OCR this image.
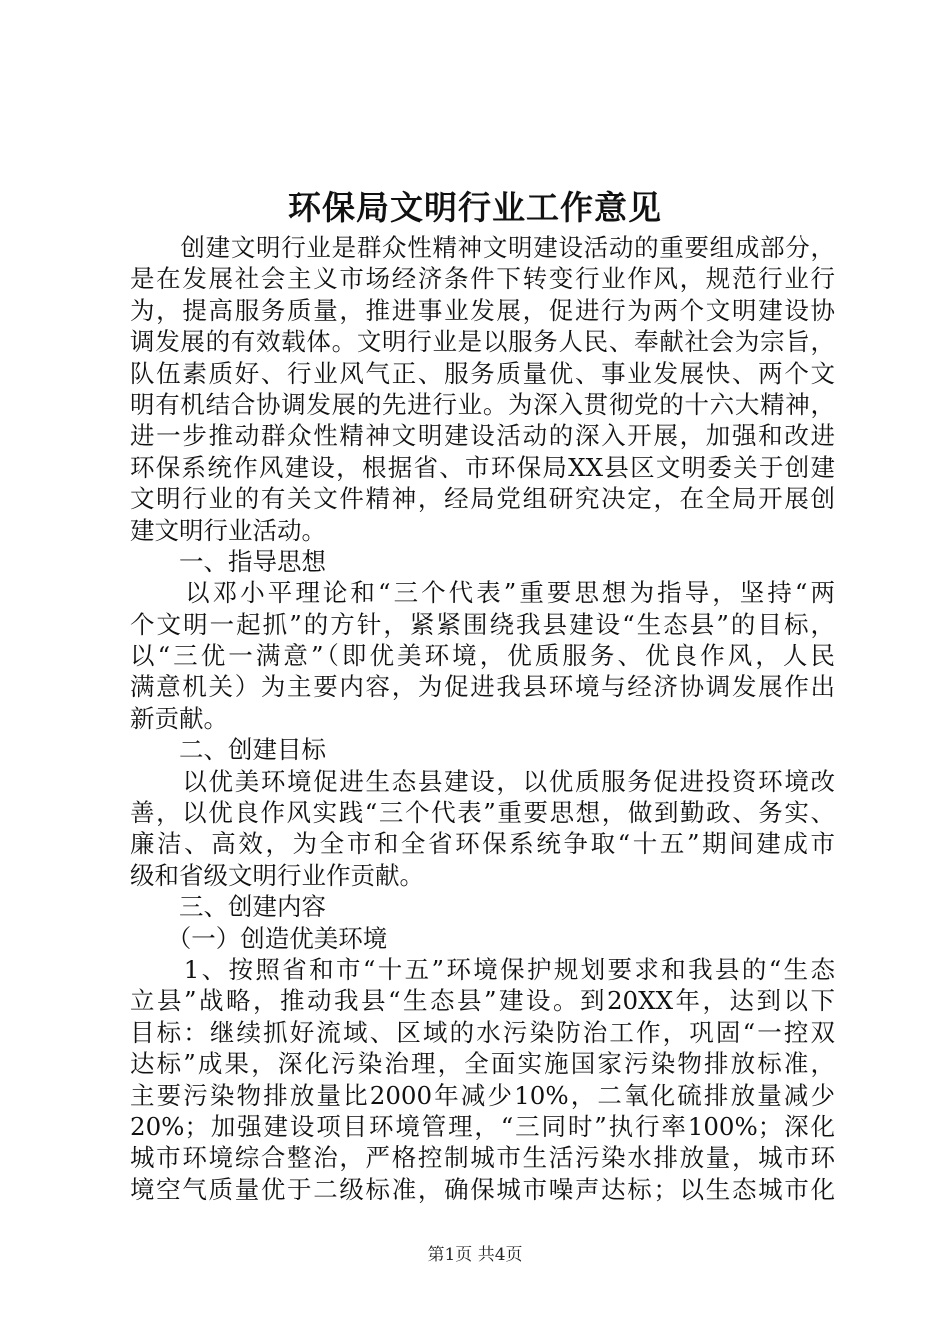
环保局文明行业工作意见
　　创建文明行业是群众性精神文明建设活动的重要组成部分，
是在发展社会主义市场经济条件下转变行业作风，规范行业行
为，提高服务质量，推进事业发展，促进行为两个文明建设协
调发展的有效载体。文明行业是以服务人民、奉献社会为宗旨，
队伍素质好、行业风气正、服务质量优、事业发展快、两个文
明有机结合协调发展的先进行业。为深入贯彻党的十六大精神，
进一步推动群众性精神文明建设活动的深入开展，加强和改进
环保系统作风建设，根据省、市环保局XX县区文明委关于创建
文明行业的有关文件精神，经局党组研究决定，在全局开展创
建文明行业活动。
　　一、指导思想
　　以邓小平理论和“三个代表”重要思想为指导，坚持“两
个文明一起抓”的方针，紧紧围绕我县建设“生态县”的目标，
以“三优一满意”（即优美环境，优质服务、优良作风，人民
满意机关）为主要内容，为促进我县环境与经济协调发展作出
新贡献。
　　二、创建目标
　　以优美环境促进生态县建设，以优质服务促进投资环境改
善，以优良作风实践“三个代表”重要思想，做到勤政、务实、
廉洁、高效，为全市和全省环保系统争取“十五”期间建成市
级和省级文明行业作贡献。
　　三、创建内容
　　（一）创造优美环境
　　1、按照省和市“十五”环境保护规划要求和我县的“生态
立县”战略，推动我县“生态县”建设。到20XX年，达到以下
目标：继续抓好流域、区域的水污染防治工作，巩固“一控双
达标”成果，深化污染治理，全面实施国家污染物排放标准，
主要污染物排放量比2000年减少10%，二氧化硫排放量减少
20%；加强建设项目环境管理，“三同时”执行率100%；深化
城市环境综合整治，严格控制城市生活污染水排放量，城市环
境空气质量优于二级标准，确保城市噪声达标；以生态城市化
第1页 共4页
